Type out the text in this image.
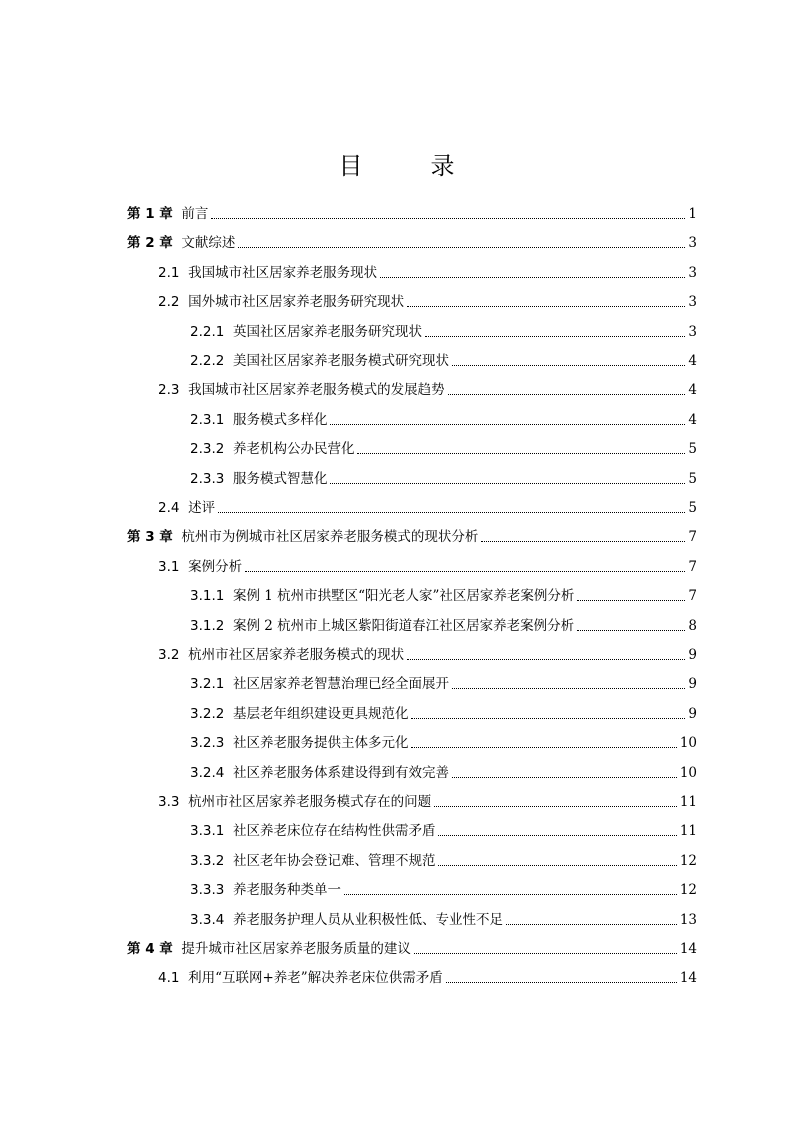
目　录
第 1 章 前言	1
第 2 章 文献综述	3
2.1 我国城市社区居家养老服务现状	3
2.2 国外城市社区居家养老服务研究现状	3
2.2.1 英国社区居家养老服务研究现状	3
2.2.2 美国社区居家养老服务模式研究现状	4
2.3 我国城市社区居家养老服务模式的发展趋势	4
2.3.1 服务模式多样化	4
2.3.2 养老机构公办民营化	5
2.3.3 服务模式智慧化	5
2.4 述评	5
第 3 章 杭州市为例城市社区居家养老服务模式的现状分析	7
3.1 案例分析	7
3.1.1 案例 1 杭州市拱墅区“阳光老人家”社区居家养老案例分析	7
3.1.2 案例 2 杭州市上城区紫阳街道春江社区居家养老案例分析	8
3.2 杭州市社区居家养老服务模式的现状	9
3.2.1 社区居家养老智慧治理已经全面展开	9
3.2.2 基层老年组织建设更具规范化	9
3.2.3 社区养老服务提供主体多元化	10
3.2.4 社区养老服务体系建设得到有效完善	10
3.3 杭州市社区居家养老服务模式存在的问题	11
3.3.1 社区养老床位存在结构性供需矛盾	11
3.3.2 社区老年协会登记难、管理不规范	12
3.3.3 养老服务种类单一	12
3.3.4 养老服务护理人员从业积极性低、专业性不足	13
第 4 章 提升城市社区居家养老服务质量的建议	14
4.1 利用“互联网+养老”解决养老床位供需矛盾	14
